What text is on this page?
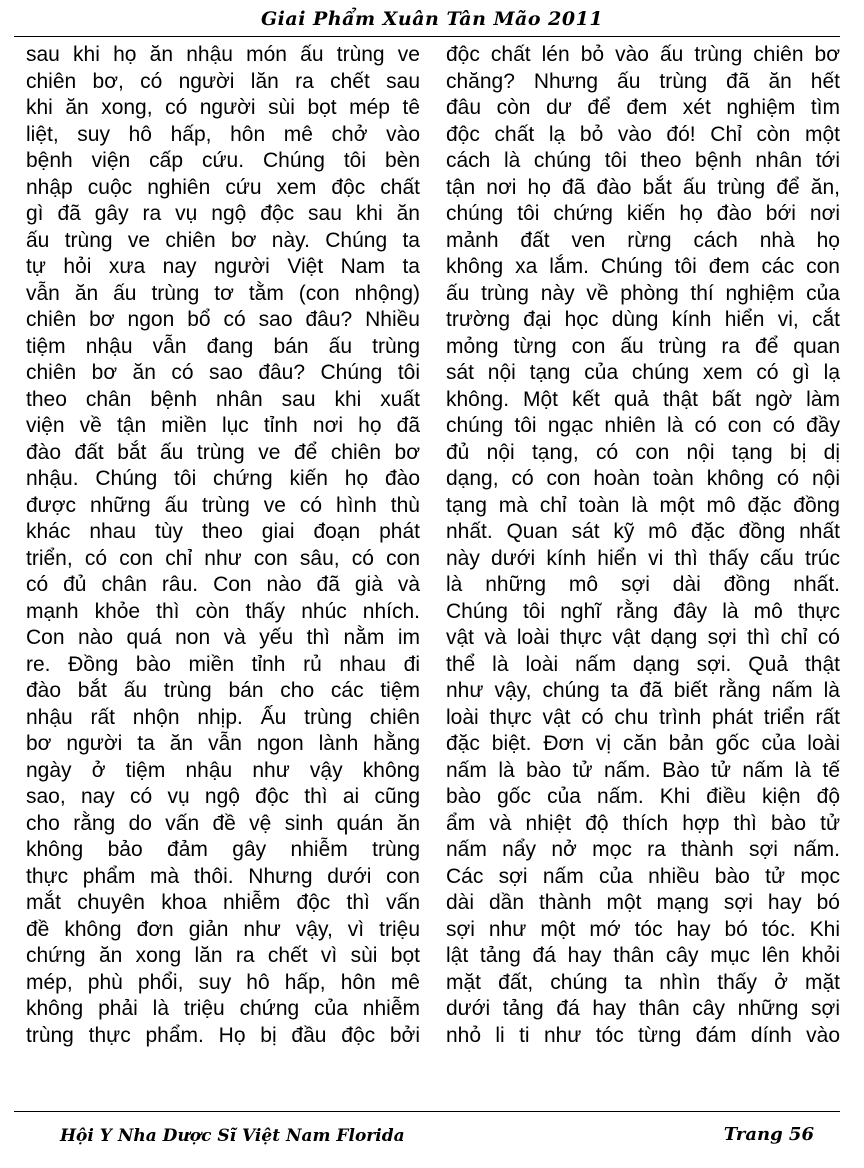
Giai Phẩm Xuân Tân Mão 2011
sau khi họ ăn nhậu món ấu trùng ve
chiên bơ, có người lăn ra chết sau
khi ăn xong, có người sùi bọt mép tê
liệt, suy hô hấp, hôn mê chở vào
bệnh viện cấp cứu. Chúng tôi bèn
nhập cuộc nghiên cứu xem độc chất
gì đã gây ra vụ ngộ độc sau khi ăn
ấu trùng ve chiên bơ này. Chúng ta
tự hỏi xưa nay người Việt Nam ta
vẫn ăn ấu trùng tơ tằm (con nhộng)
chiên bơ ngon bổ có sao đâu? Nhiều
tiệm nhậu vẫn đang bán ấu trùng
chiên bơ ăn có sao đâu? Chúng tôi
theo chân bệnh nhân sau khi xuất
viện về tận miền lục tỉnh nơi họ đã
đào đất bắt ấu trùng ve để chiên bơ
nhậu. Chúng tôi chứng kiến họ đào
được những ấu trùng ve có hình thù
khác nhau tùy theo giai đoạn phát
triển, có con chỉ như con sâu, có con
có đủ chân râu. Con nào đã già và
mạnh khỏe thì còn thấy nhúc nhích.
Con nào quá non và yếu thì nằm im
re. Đồng bào miền tỉnh rủ nhau đi
đào bắt ấu trùng bán cho các tiệm
nhậu rất nhộn nhịp. Ấu trùng chiên
bơ người ta ăn vẫn ngon lành hằng
ngày ở tiệm nhậu như vậy không
sao, nay có vụ ngộ độc thì ai cũng
cho rằng do vấn đề vệ sinh quán ăn
không bảo đảm gây nhiễm trùng
thực phẩm mà thôi. Nhưng dưới con
mắt chuyên khoa nhiễm độc thì vấn
đề không đơn giản như vậy, vì triệu
chứng ăn xong lăn ra chết vì sùi bọt
mép, phù phổi, suy hô hấp, hôn mê
không phải là triệu chứng của nhiễm
trùng thực phẩm. Họ bị đầu độc bởi
độc chất lén bỏ vào ấu trùng chiên bơ
chăng? Nhưng ấu trùng đã ăn hết
đâu còn dư để đem xét nghiệm tìm
độc chất lạ bỏ vào đó! Chỉ còn một
cách là chúng tôi theo bệnh nhân tới
tận nơi họ đã đào bắt ấu trùng để ăn,
chúng tôi chứng kiến họ đào bới nơi
mảnh đất ven rừng cách nhà họ
không xa lắm. Chúng tôi đem các con
ấu trùng này về phòng thí nghiệm của
trường đại học dùng kính hiển vi, cắt
mỏng từng con ấu trùng ra để quan
sát nội tạng của chúng xem có gì lạ
không. Một kết quả thật bất ngờ làm
chúng tôi ngạc nhiên là có con có đầy
đủ nội tạng, có con nội tạng bị dị
dạng, có con hoàn toàn không có nội
tạng mà chỉ toàn là một mô đặc đồng
nhất. Quan sát kỹ mô đặc đồng nhất
này dưới kính hiển vi thì thấy cấu trúc
là những mô sợi dài đồng nhất.
Chúng tôi nghĩ rằng đây là mô thực
vật và loài thực vật dạng sợi thì chỉ có
thể là loài nấm dạng sợi. Quả thật
như vậy, chúng ta đã biết rằng nấm là
loài thực vật có chu trình phát triển rất
đặc biệt. Đơn vị căn bản gốc của loài
nấm là bào tử nấm. Bào tử nấm là tế
bào gốc của nấm. Khi điều kiện độ
ẩm và nhiệt độ thích hợp thì bào tử
nấm nẩy nở mọc ra thành sợi nấm.
Các sợi nấm của nhiều bào tử mọc
dài dần thành một mạng sợi hay bó
sợi như một mớ tóc hay bó tóc. Khi
lật tảng đá hay thân cây mục lên khỏi
mặt đất, chúng ta nhìn thấy ở mặt
dưới tảng đá hay thân cây những sợi
nhỏ li ti như tóc từng đám dính vào
Hội Y Nha Dược Sĩ Việt Nam Florida	Trang 56
